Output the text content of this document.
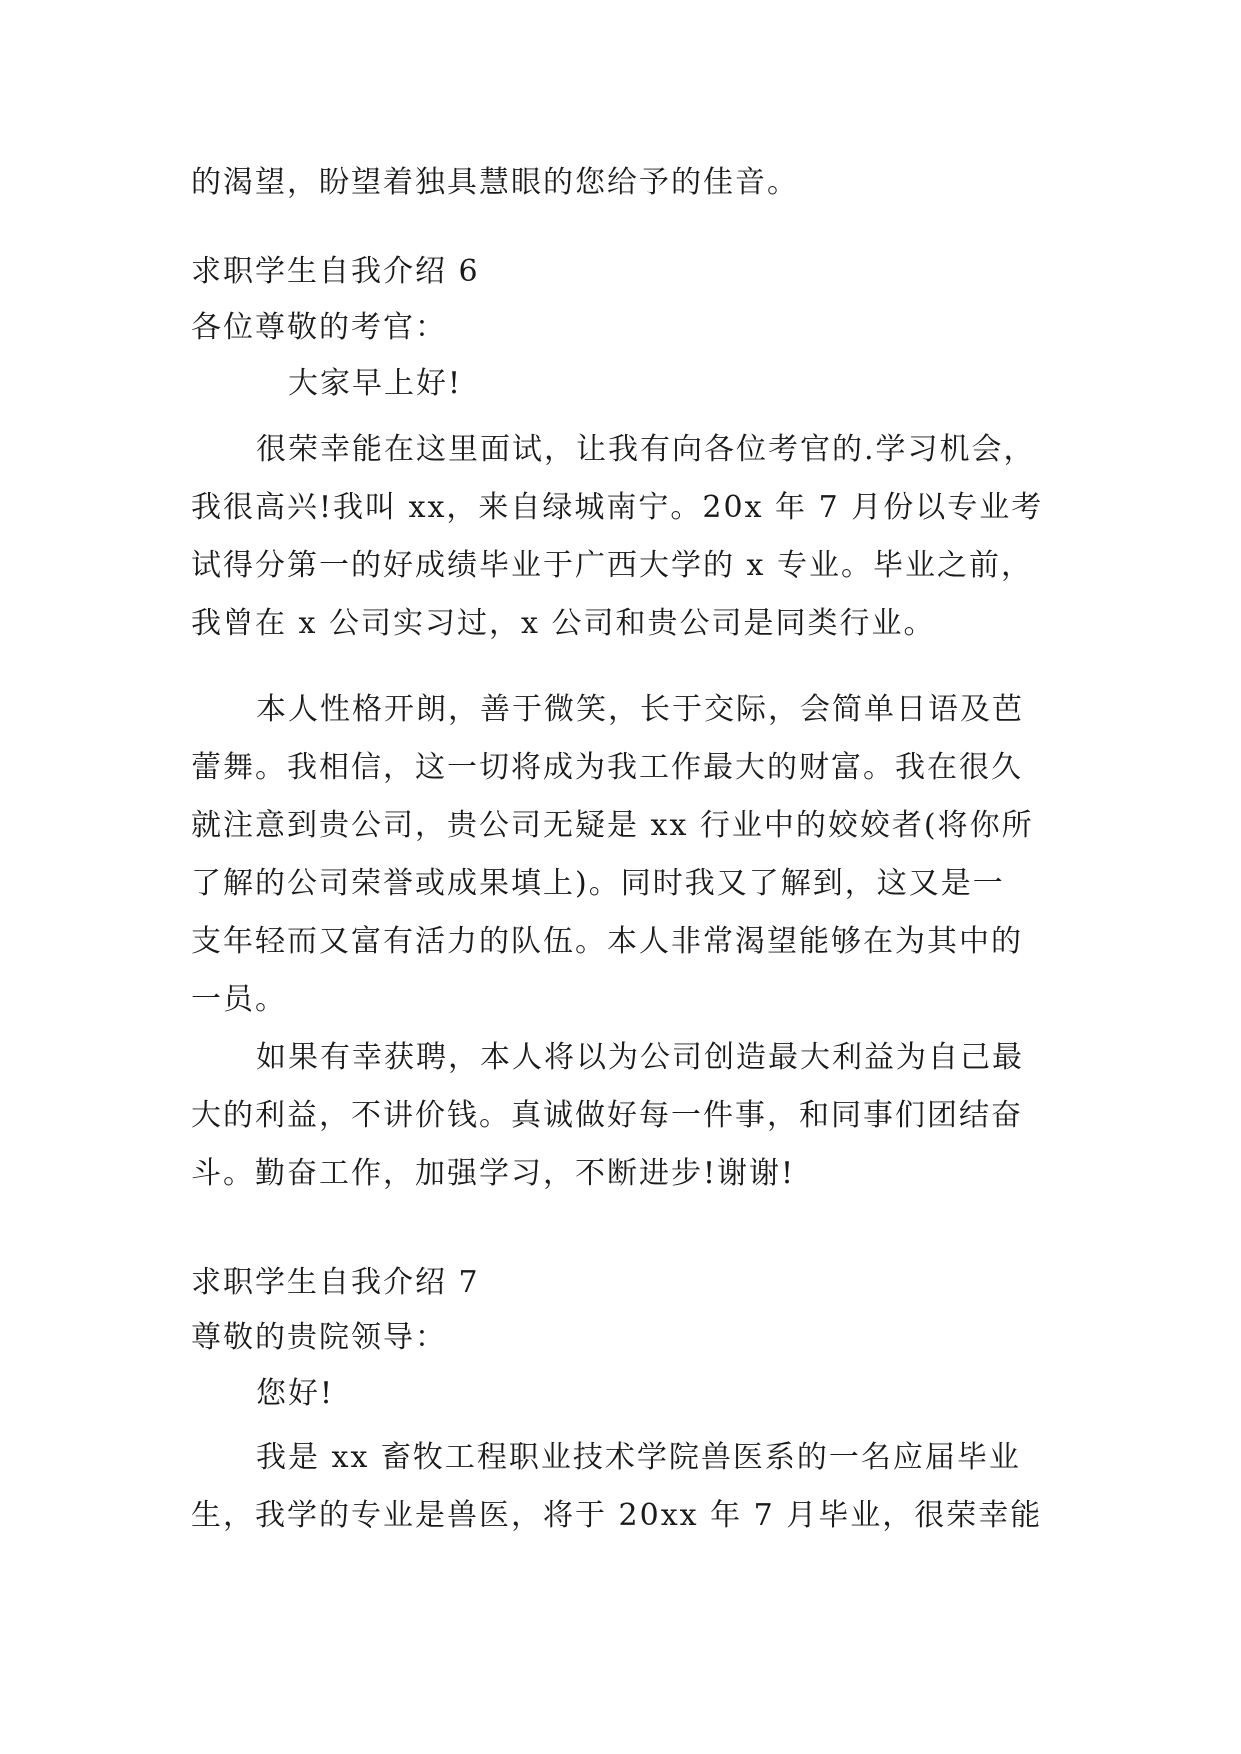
的渴望，盼望着独具慧眼的您给予的佳音。
求职学生自我介绍 6
各位尊敬的考官：
大家早上好!
很荣幸能在这里面试，让我有向各位考官的.学习机会，
我很高兴!我叫 xx，来自绿城南宁。20x 年 7 月份以专业考
试得分第一的好成绩毕业于广西大学的 x 专业。毕业之前，
我曾在 x 公司实习过，x 公司和贵公司是同类行业。
本人性格开朗，善于微笑，长于交际，会简单日语及芭
蕾舞。我相信，这一切将成为我工作最大的财富。我在很久
就注意到贵公司，贵公司无疑是 xx 行业中的姣姣者(将你所
了解的公司荣誉或成果填上)。同时我又了解到，这又是一
支年轻而又富有活力的队伍。本人非常渴望能够在为其中的
一员。
如果有幸获聘，本人将以为公司创造最大利益为自己最
大的利益，不讲价钱。真诚做好每一件事，和同事们团结奋
斗。勤奋工作，加强学习，不断进步!谢谢!
求职学生自我介绍 7
尊敬的贵院领导：
您好!
我是 xx 畜牧工程职业技术学院兽医系的一名应届毕业
生，我学的专业是兽医，将于 20xx 年 7 月毕业，很荣幸能
